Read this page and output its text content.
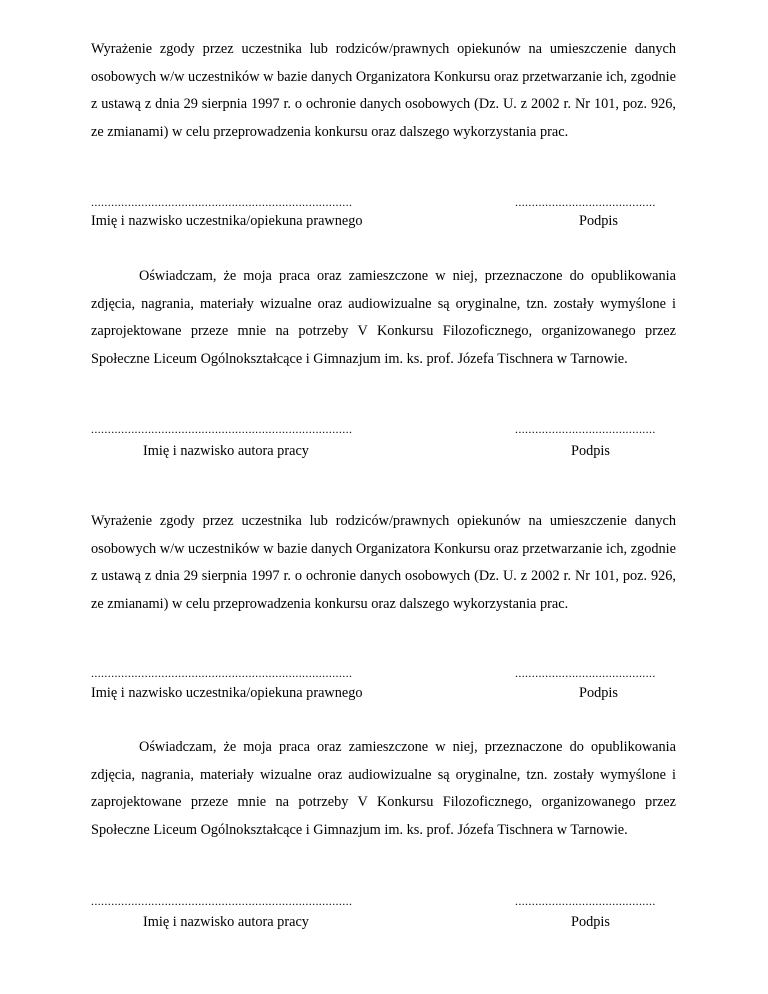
Wyrażenie zgody przez uczestnika lub rodziców/prawnych opiekunów na umieszczenie danych osobowych w/w uczestników w bazie danych Organizatora Konkursu oraz przetwarzanie ich, zgodnie z ustawą z dnia 29 sierpnia 1997 r. o ochronie danych osobowych (Dz. U. z 2002 r. Nr 101, poz. 926, ze zmianami) w celu przeprowadzenia konkursu oraz dalszego wykorzystania prac.

..............................................................................	..........................................
Imię i nazwisko uczestnika/opiekuna prawnego	Podpis

Oświadczam, że moja praca oraz zamieszczone w niej, przeznaczone do opublikowania zdjęcia, nagrania, materiały wizualne oraz audiowizualne są oryginalne, tzn. zostały wymyślone i zaprojektowane przeze mnie na potrzeby V Konkursu Filozoficznego, organizowanego przez Społeczne Liceum Ogólnokształcące i Gimnazjum im. ks. prof. Józefa Tischnera w Tarnowie.

..............................................................................	..........................................
Imię i nazwisko autora pracy	Podpis

Wyrażenie zgody przez uczestnika lub rodziców/prawnych opiekunów na umieszczenie danych osobowych w/w uczestników w bazie danych Organizatora Konkursu oraz przetwarzanie ich, zgodnie z ustawą z dnia 29 sierpnia 1997 r. o ochronie danych osobowych (Dz. U. z 2002 r. Nr 101, poz. 926, ze zmianami) w celu przeprowadzenia konkursu oraz dalszego wykorzystania prac.

..............................................................................	..........................................
Imię i nazwisko uczestnika/opiekuna prawnego	Podpis

Oświadczam, że moja praca oraz zamieszczone w niej, przeznaczone do opublikowania zdjęcia, nagrania, materiały wizualne oraz audiowizualne są oryginalne, tzn. zostały wymyślone i zaprojektowane przeze mnie na potrzeby V Konkursu Filozoficznego, organizowanego przez Społeczne Liceum Ogólnokształcące i Gimnazjum im. ks. prof. Józefa Tischnera w Tarnowie.

..............................................................................	..........................................
Imię i nazwisko autora pracy	Podpis
